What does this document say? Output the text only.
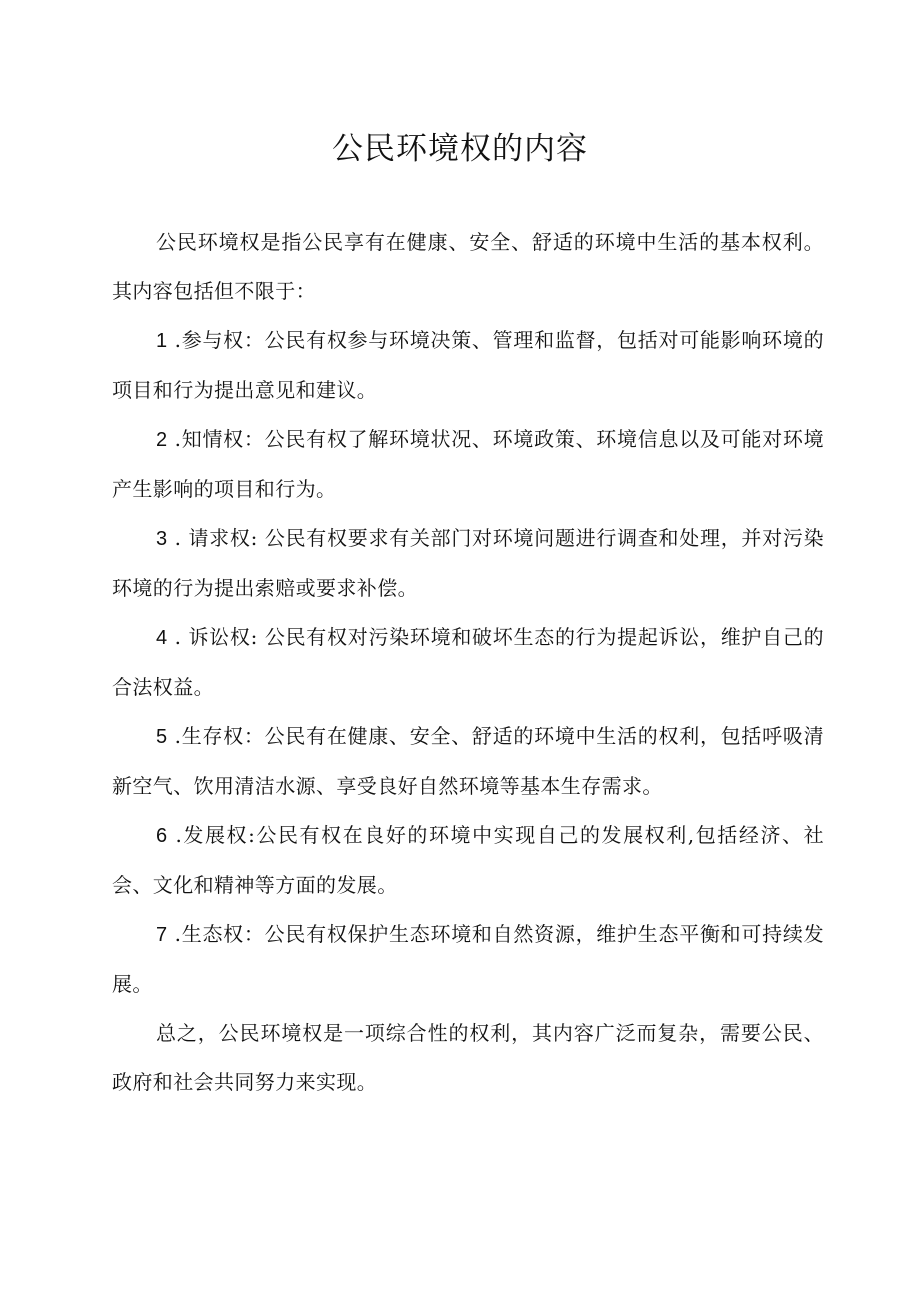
公民环境权的内容

公民环境权是指公民享有在健康、安全、舒适的环境中生活的基本权利。其内容包括但不限于：

1 .参与权：公民有权参与环境决策、管理和监督，包括对可能影响环境的项目和行为提出意见和建议。

2 .知情权：公民有权了解环境状况、环境政策、环境信息以及可能对环境产生影响的项目和行为。

3 . 请求权: 公民有权要求有关部门对环境问题进行调查和处理，并对污染环境的行为提出索赔或要求补偿。

4 . 诉讼权: 公民有权对污染环境和破坏生态的行为提起诉讼，维护自己的合法权益。

5 .生存权：公民有在健康、安全、舒适的环境中生活的权利，包括呼吸清新空气、饮用清洁水源、享受良好自然环境等基本生存需求。

6 .发展权:公民有权在良好的环境中实现自己的发展权利,包括经济、社会、文化和精神等方面的发展。

7 .生态权：公民有权保护生态环境和自然资源，维护生态平衡和可持续发展。

总之，公民环境权是一项综合性的权利，其内容广泛而复杂，需要公民、政府和社会共同努力来实现。
